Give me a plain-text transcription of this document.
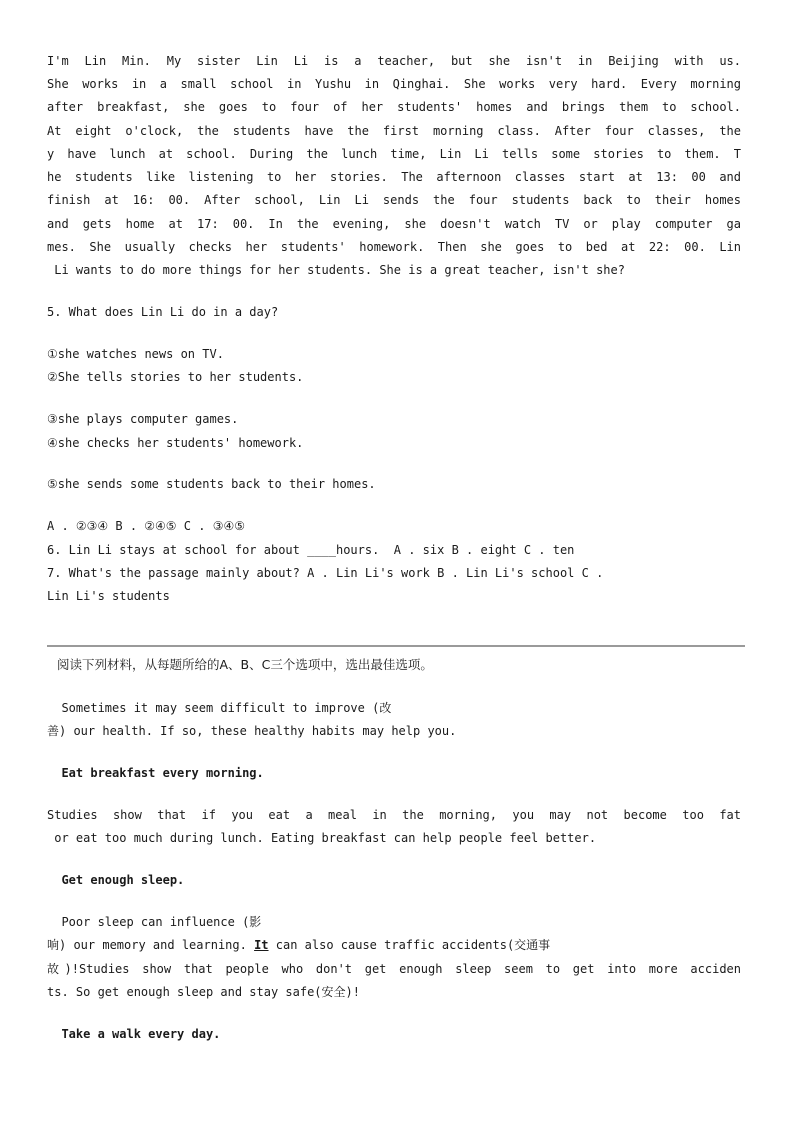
I'm Lin Min. My sister Lin Li is a teacher, but she isn't in Beijing with us.

She works in a small school in Yushu in Qinghai. She works very hard. Every morning

after breakfast, she goes to four of her students' homes and brings them to school.

At eight o'clock, the students have the first morning class. After four classes, the

y have lunch at school. During the lunch time, Lin Li tells some stories to them. T

he students like listening to her stories. The afternoon classes start at 13: 00 and

finish at 16: 00. After school, Lin Li sends the four students back to their homes

and gets home at 17: 00. In the evening, she doesn't watch TV or play computer ga

mes. She usually checks her students' homework. Then she goes to bed at 22: 00. Lin

Li wants to do more things for her students. She is a great teacher, isn't she?

5. What does Lin Li do in a day?

①she watches news on TV.

②She tells stories to her students.

③she plays computer games.

④she checks her students' homework.

⑤she sends some students back to their homes.

A . ②③④ B . ②④⑤ C . ③④⑤

6. Lin Li stays at school for about ____hours.  A . six B . eight C . ten

7. What's the passage mainly about? A . Lin Li's work B . Lin Li's school C .

Lin Li's students

阅读下列材料，从每题所给的A、B、C三个选项中，选出最佳选项。

Sometimes it may seem difficult to improve (改

善) our health. If so, these healthy habits may help you.

Eat breakfast every morning.

Studies show that if you eat a meal in the morning, you may not become too fat

or eat too much during lunch. Eating breakfast can help people feel better.

Get enough sleep.

Poor sleep can influence (影

响) our memory and learning. It can also cause traffic accidents(交通事

故)!Studies show that people who don't get enough sleep seem to get into more acciden

ts. So get enough sleep and stay safe(安全)!

Take a walk every day.
